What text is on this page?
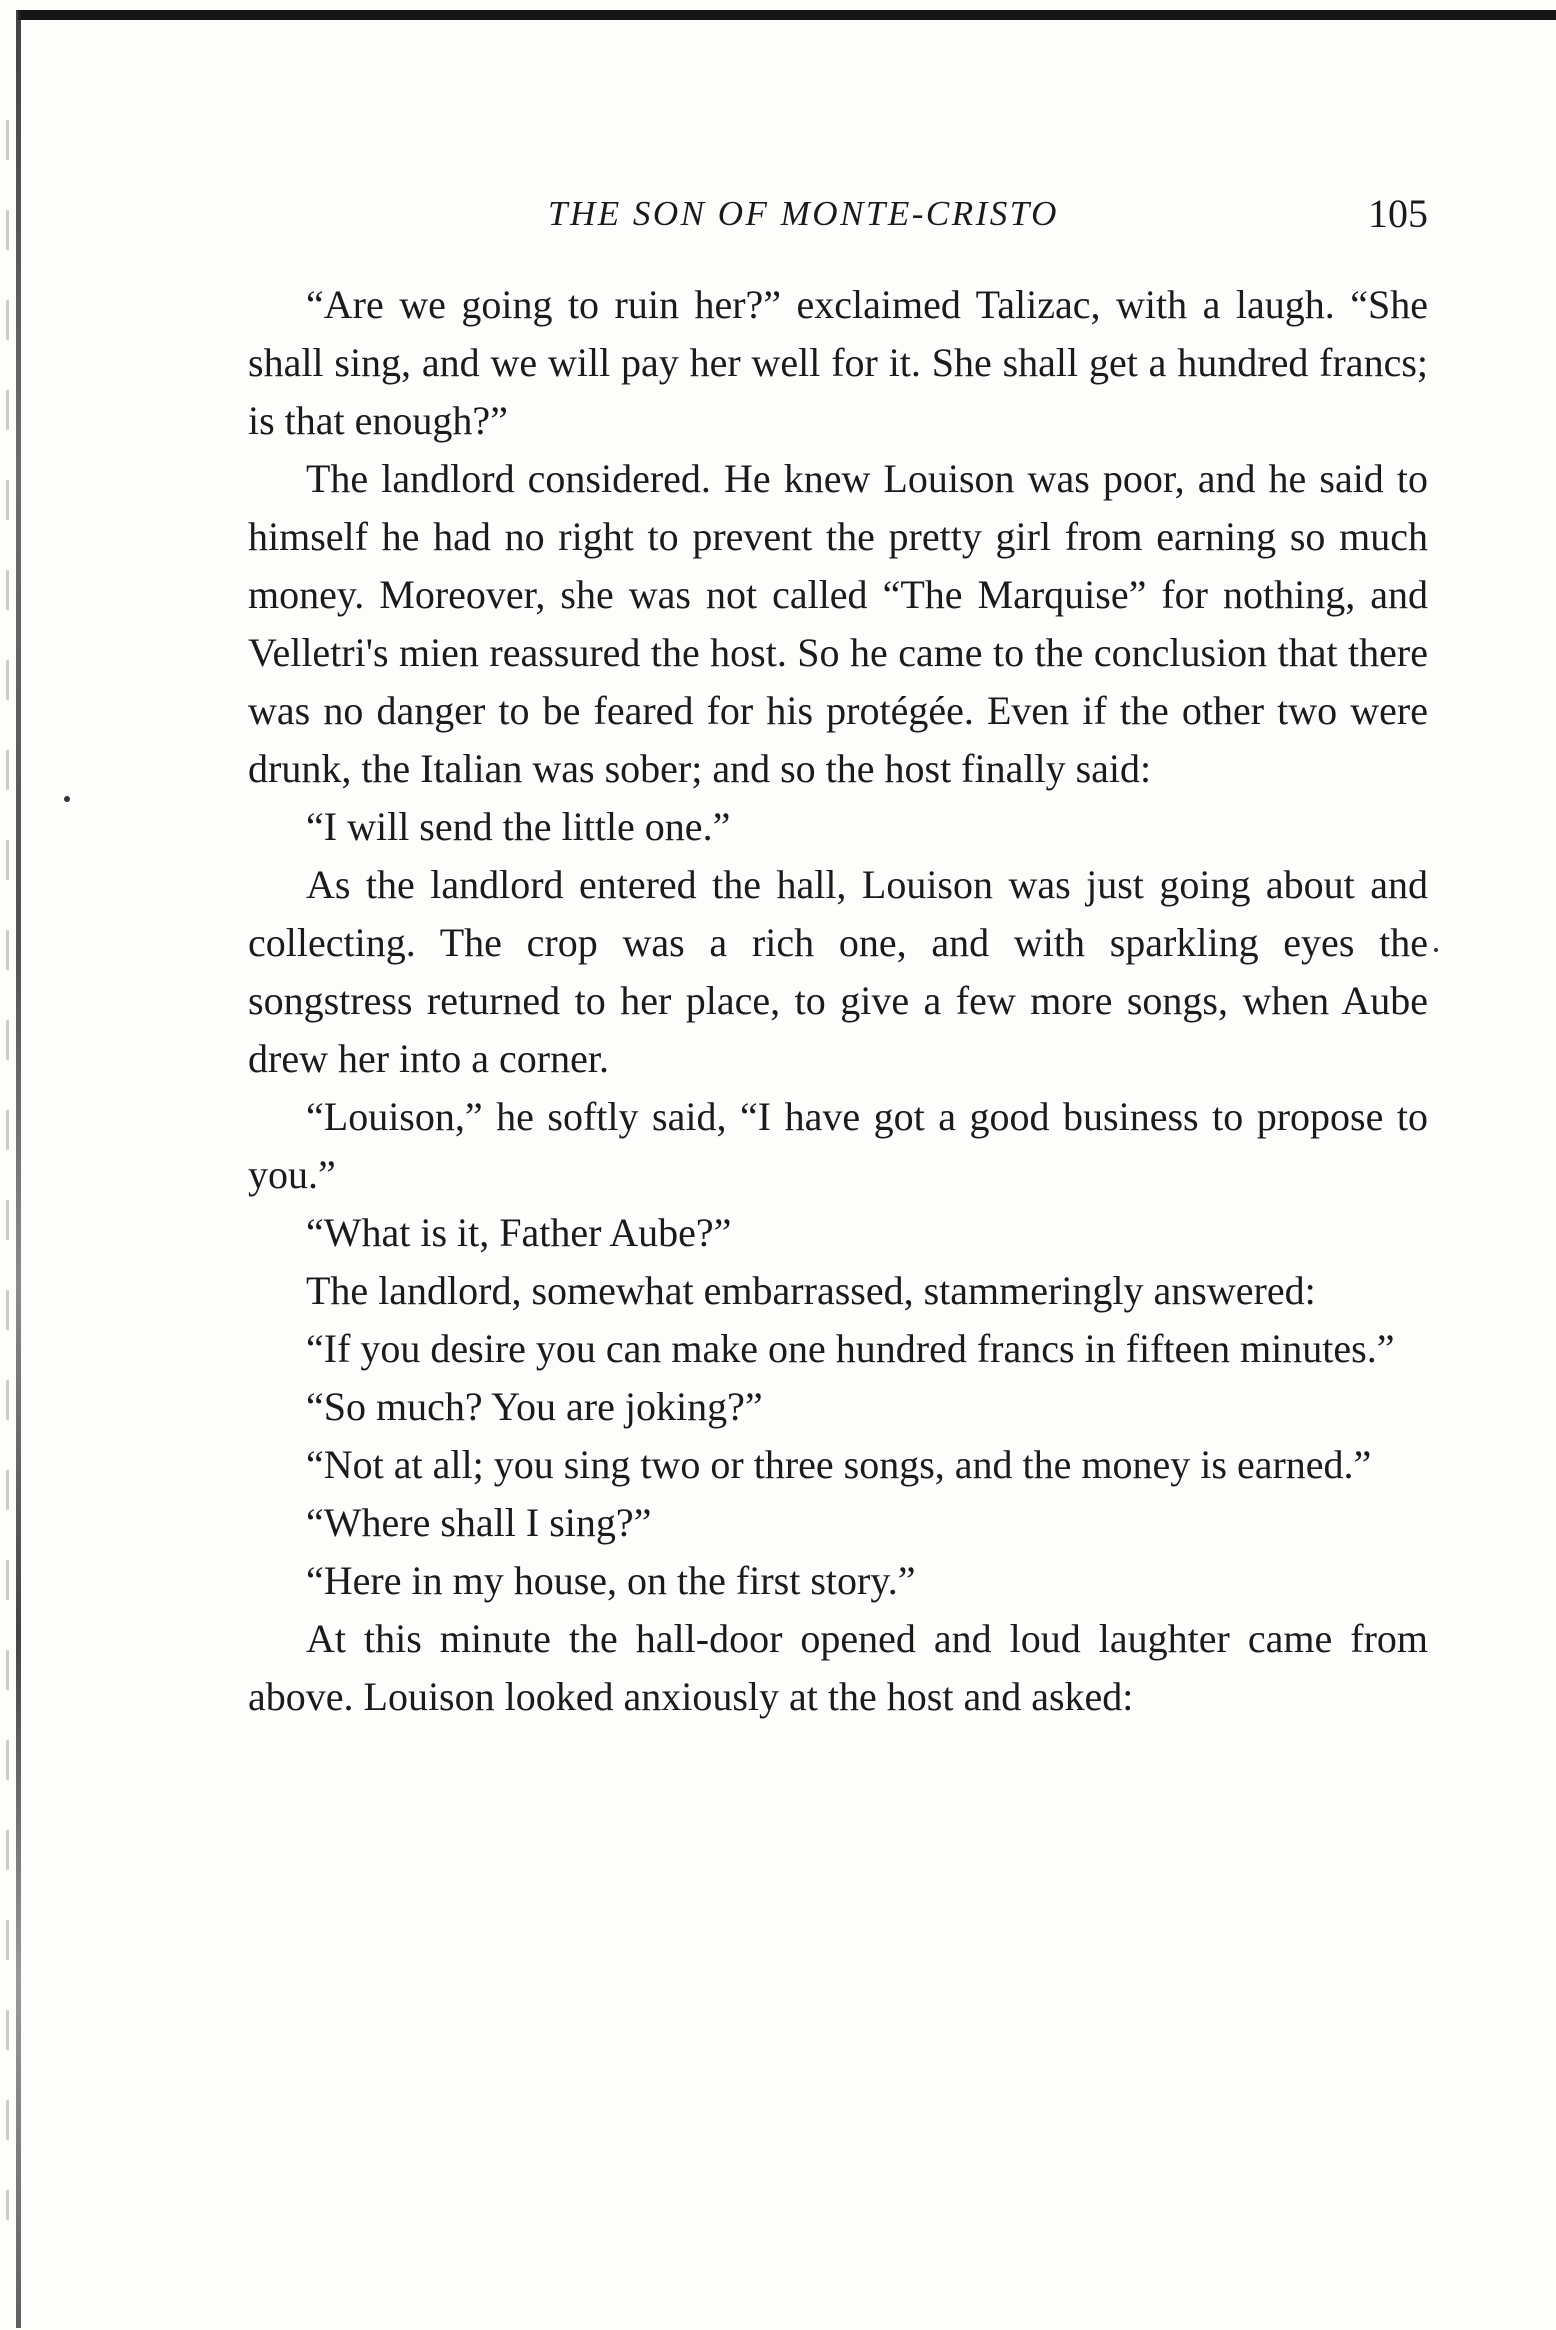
THE SON OF MONTE-CRISTO	105

“Are we going to ruin her?” exclaimed Talizac, with a laugh. “She shall sing, and we will pay her well for it. She shall get a hundred francs; is that enough?”

The landlord considered. He knew Louison was poor, and he said to himself he had no right to prevent the pretty girl from earning so much money. Moreover, she was not called “The Marquise” for nothing, and Velletri's mien reassured the host. So he came to the conclusion that there was no danger to be feared for his protégée. Even if the other two were drunk, the Italian was sober; and so the host finally said:

“I will send the little one.”

As the landlord entered the hall, Louison was just going about and collecting. The crop was a rich one, and with sparkling eyes the songstress returned to her place, to give a few more songs, when Aube drew her into a corner.

“Louison,” he softly said, “I have got a good business to propose to you.”

“What is it, Father Aube?”

The landlord, somewhat embarrassed, stammeringly answered:

“If you desire you can make one hundred francs in fifteen minutes.”

“So much? You are joking?”

“Not at all; you sing two or three songs, and the money is earned.”

“Where shall I sing?”

“Here in my house, on the first story.”

At this minute the hall-door opened and loud laughter came from above. Louison looked anxiously at the host and asked:
